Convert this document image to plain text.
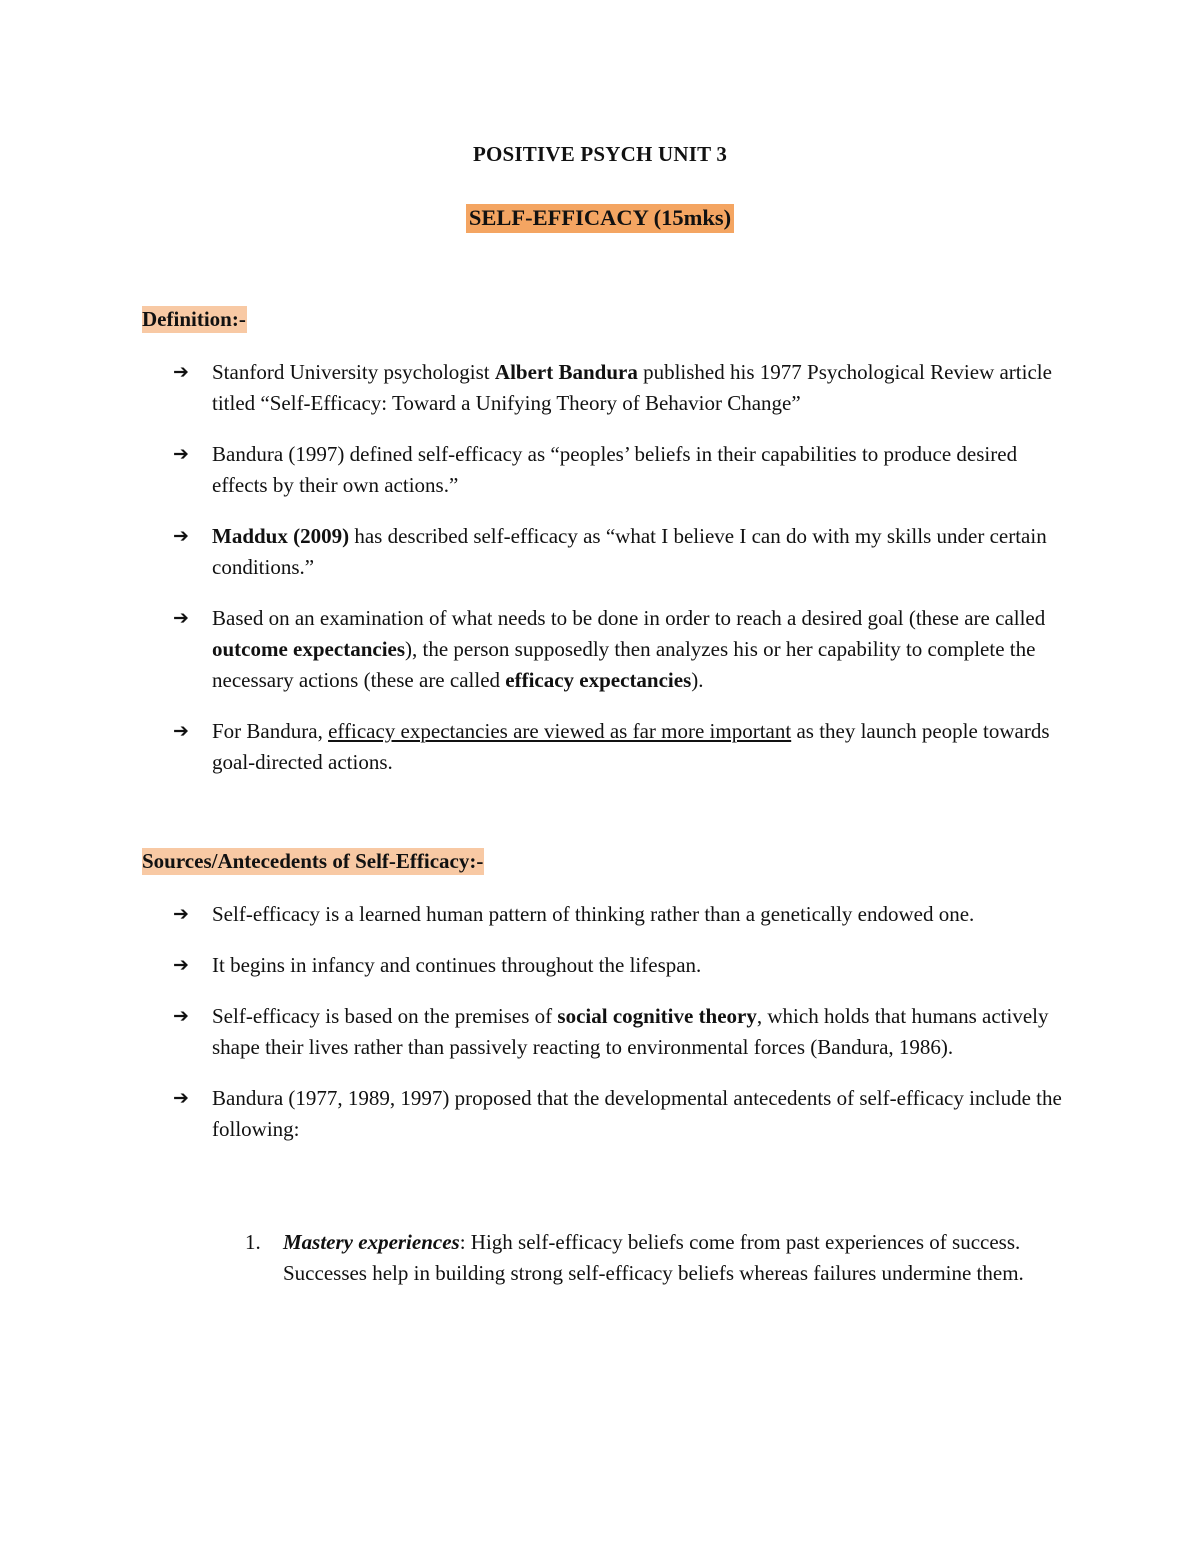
POSITIVE PSYCH UNIT 3
SELF-EFFICACY (15mks)
Definition:-
➔ Stanford University psychologist Albert Bandura published his 1977 Psychological Review article titled “Self-Efficacy: Toward a Unifying Theory of Behavior Change”
➔ Bandura (1997) defined self-efficacy as “peoples’ beliefs in their capabilities to produce desired effects by their own actions.”
➔ Maddux (2009) has described self-efficacy as “what I believe I can do with my skills under certain conditions.”
➔ Based on an examination of what needs to be done in order to reach a desired goal (these are called outcome expectancies), the person supposedly then analyzes his or her capability to complete the necessary actions (these are called efficacy expectancies).
➔ For Bandura, efficacy expectancies are viewed as far more important as they launch people towards goal-directed actions.
Sources/Antecedents of Self-Efficacy:-
➔ Self-efficacy is a learned human pattern of thinking rather than a genetically endowed one.
➔ It begins in infancy and continues throughout the lifespan.
➔ Self-efficacy is based on the premises of social cognitive theory, which holds that humans actively shape their lives rather than passively reacting to environmental forces (Bandura, 1986).
➔ Bandura (1977, 1989, 1997) proposed that the developmental antecedents of self-efficacy include the following:
1. Mastery experiences: High self-efficacy beliefs come from past experiences of success. Successes help in building strong self-efficacy beliefs whereas failures undermine them.
